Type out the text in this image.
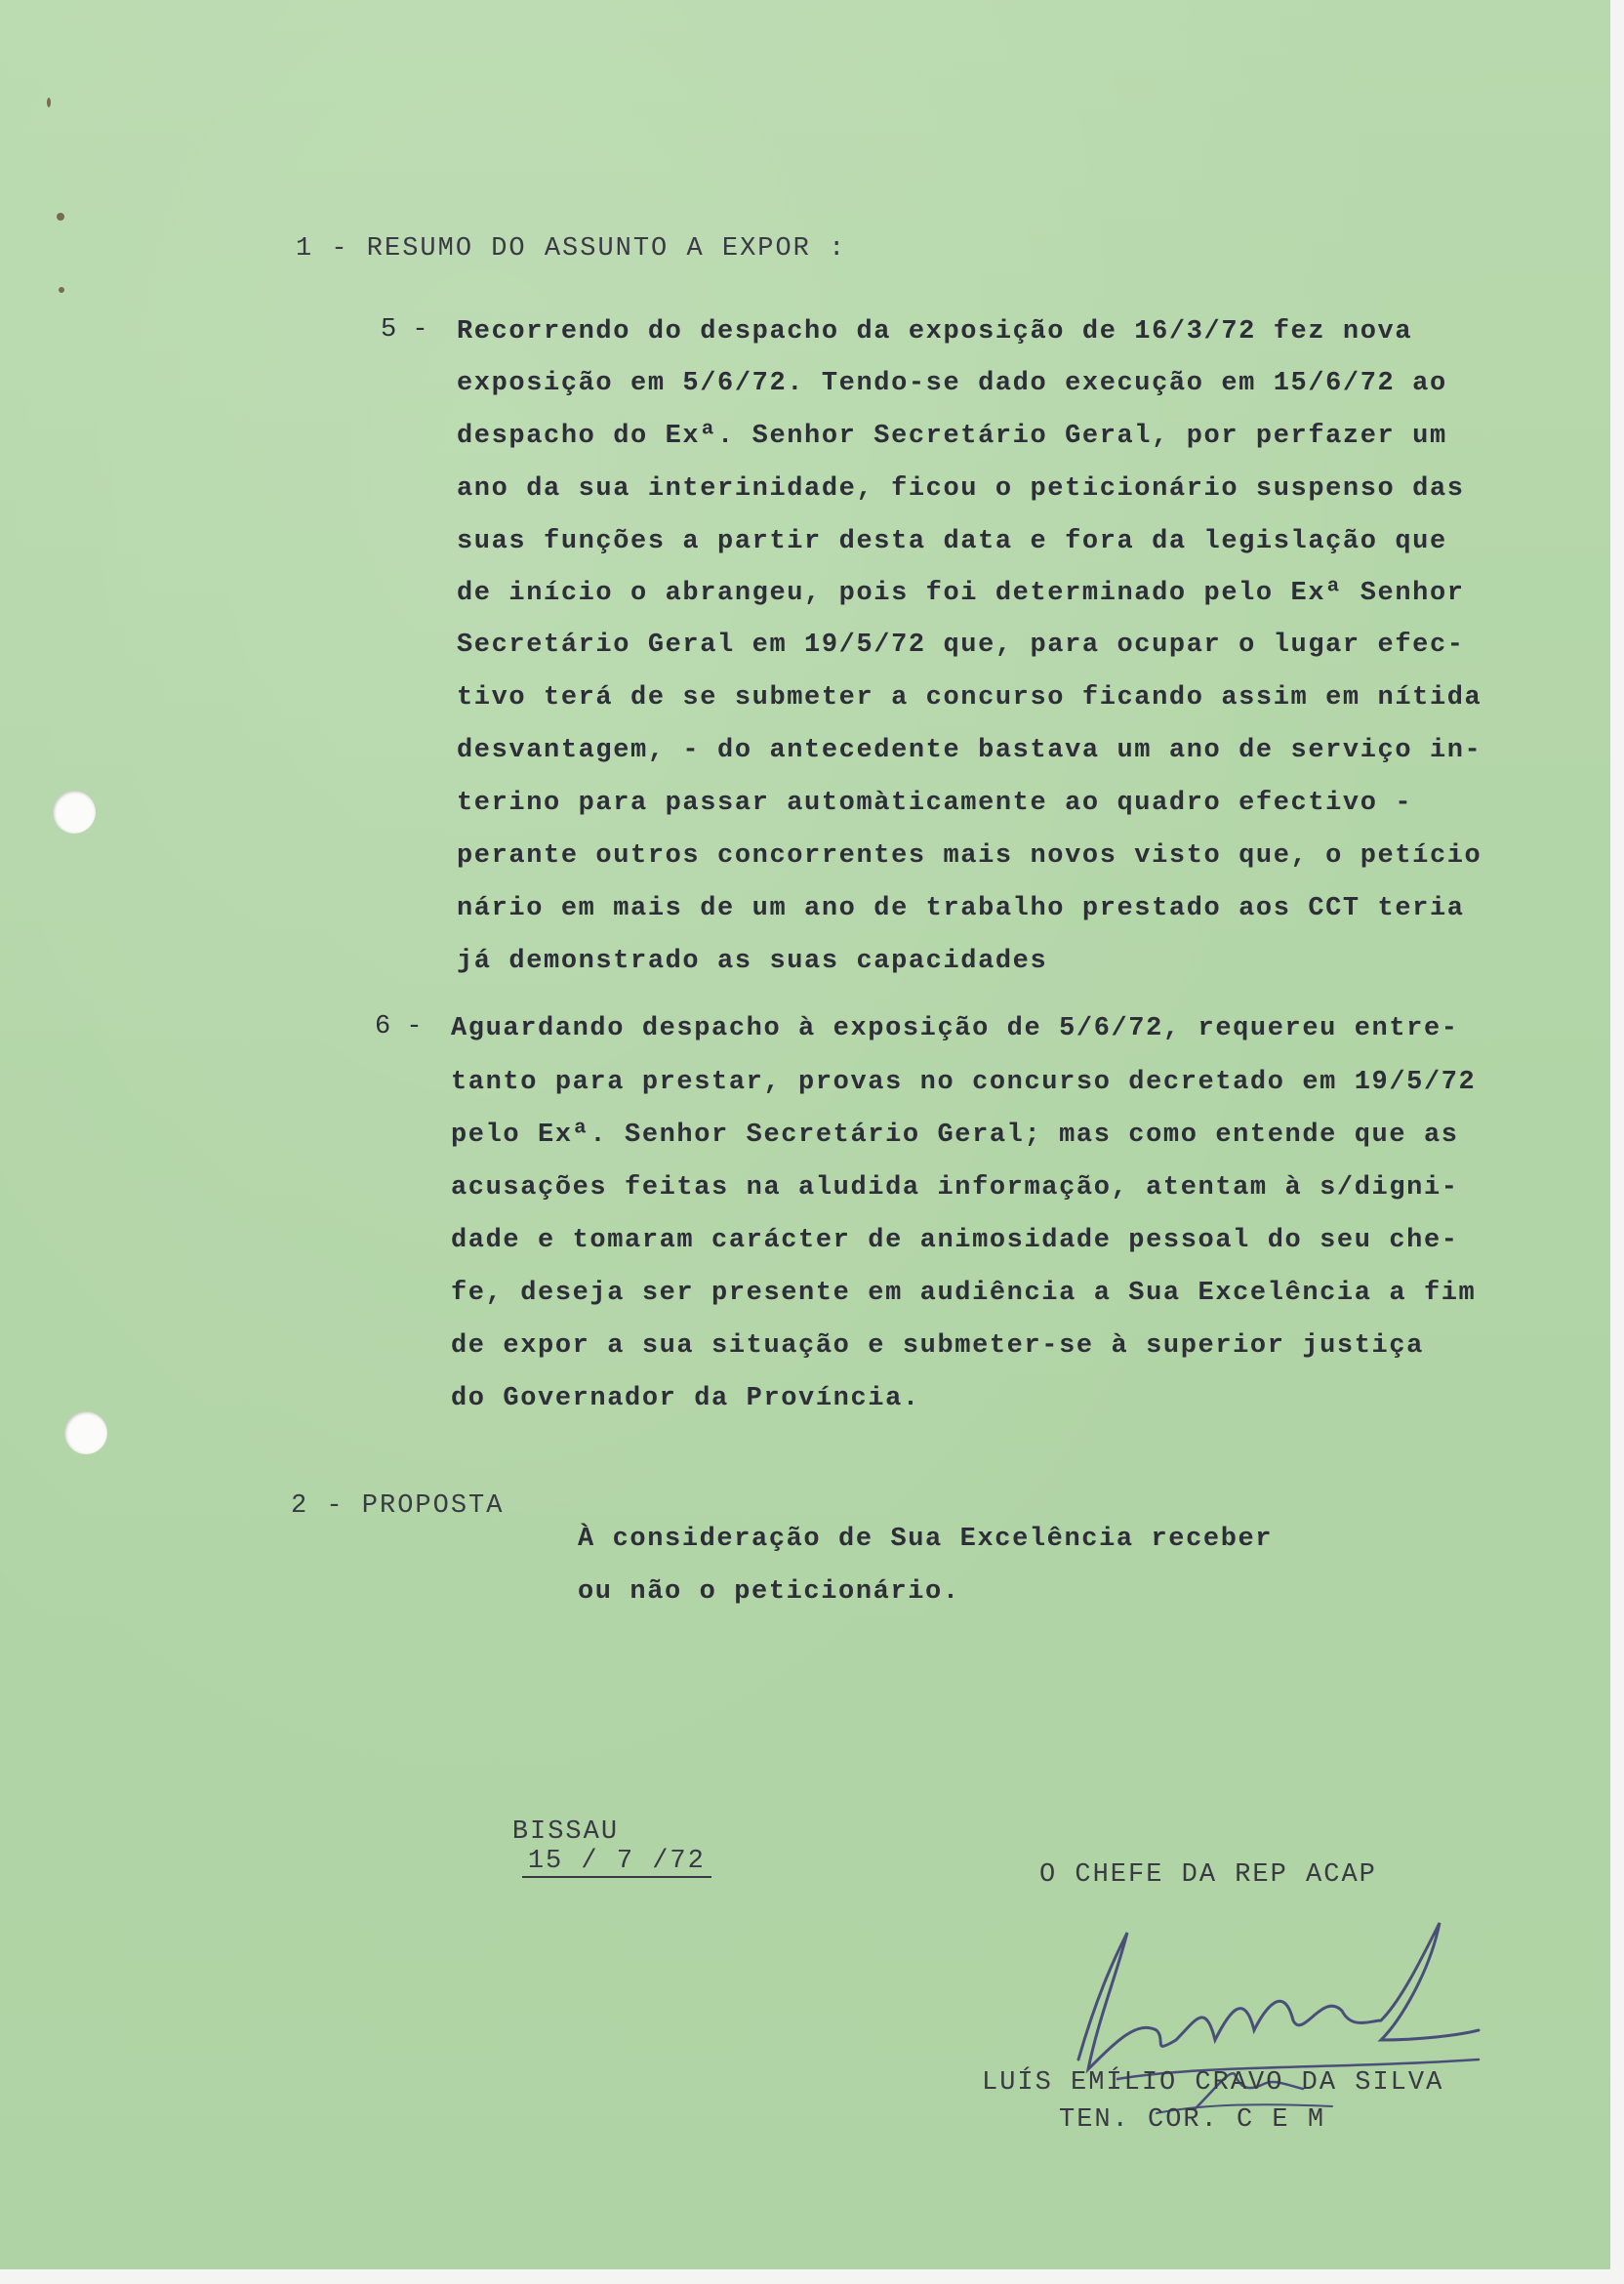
1 - RESUMO DO ASSUNTO A EXPOR :
5 - Recorrendo do despacho da exposição de 16/3/72 fez nova
exposição em 5/6/72. Tendo-se dado execução em 15/6/72 ao
despacho do Exª. Senhor Secretário Geral, por perfazer um
ano da sua interinidade, ficou o peticionário suspenso das
suas funções a partir desta data e fora da legislação que
de início o abrangeu, pois foi determinado pelo Exª Senhor
Secretário Geral em 19/5/72 que, para ocupar o lugar efec-
tivo terá de se submeter a concurso ficando assim em nítida
desvantagem, - do antecedente bastava um ano de serviço in-
terino para passar automàticamente ao quadro efectivo -
perante outros concorrentes mais novos visto que, o petício
nário em mais de um ano de trabalho prestado aos CCT teria
já demonstrado as suas capacidades
6 - Aguardando despacho à exposição de 5/6/72, requereu entre-
tanto para prestar, provas no concurso decretado em 19/5/72
pelo Exª. Senhor Secretário Geral; mas como entende que as
acusações feitas na aludida informação, atentam à s/digni-
dade e tomaram carácter de animosidade pessoal do seu che-
fe, deseja ser presente em audiência a Sua Excelência a fim
de expor a sua situação e submeter-se à superior justiça
do Governador da Província.
2 - PROPOSTA
À consideração de Sua Excelência receber
ou não o peticionário.

BISSAU
15 / 7 /72
	O CHEFE DA REP ACAP
LUÍS EMÍLIO CRAVO DA SILVA
TEN. COR. C E M
